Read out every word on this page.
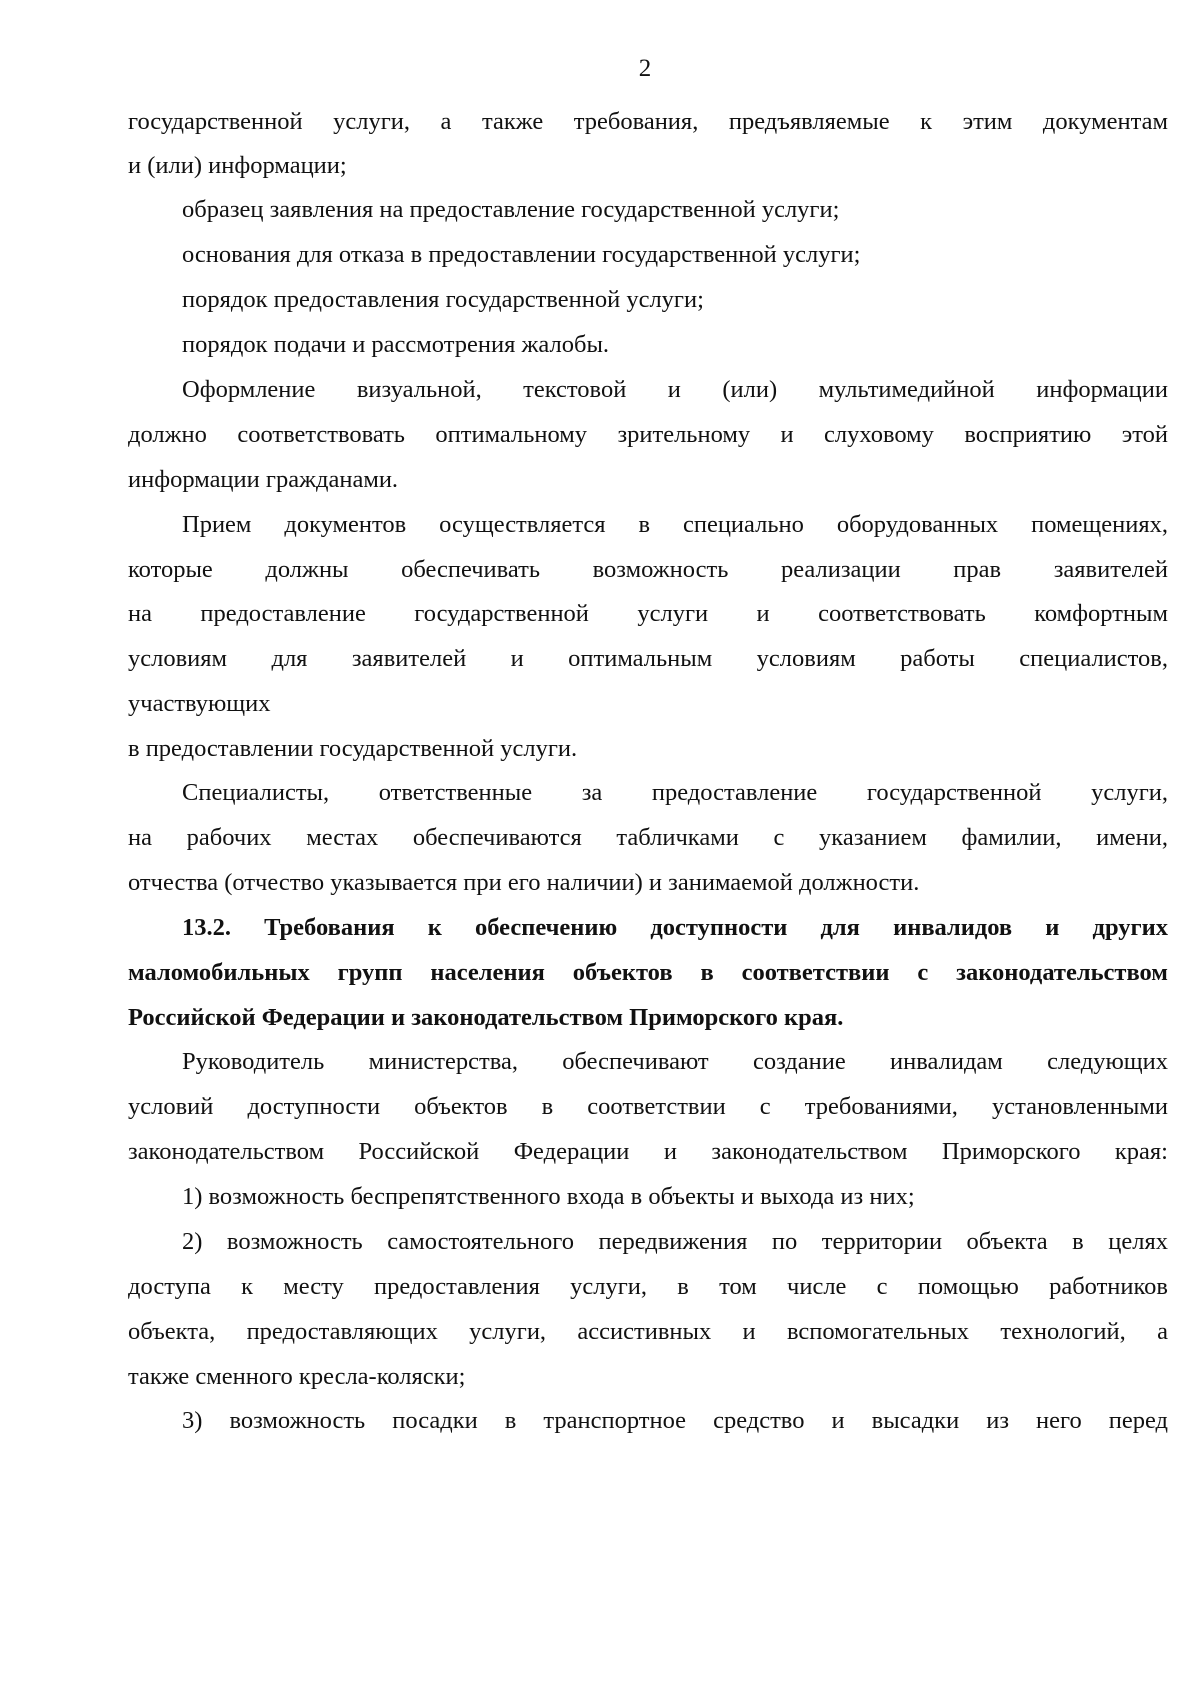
2
государственной услуги, а также требования, предъявляемые к этим документам
и (или) информации;
образец заявления на предоставление государственной услуги;
основания для отказа в предоставлении государственной услуги;
порядок предоставления государственной услуги;
порядок подачи и рассмотрения жалобы.
Оформление визуальной, текстовой и (или) мультимедийной информации
должно соответствовать оптимальному зрительному и слуховому восприятию этой
информации гражданами.
Прием документов осуществляется в специально оборудованных помещениях,
которые должны обеспечивать возможность реализации прав заявителей
на предоставление государственной услуги и соответствовать комфортным
условиям для заявителей и оптимальным условиям работы специалистов,
участвующих
в предоставлении государственной услуги.
Специалисты, ответственные за предоставление государственной услуги,
на рабочих местах обеспечиваются табличками с указанием фамилии, имени,
отчества (отчество указывается при его наличии) и занимаемой должности.
13.2. Требования к обеспечению доступности для инвалидов и других
маломобильных групп населения объектов в соответствии с законодательством
Российской Федерации и законодательством Приморского края.
Руководитель министерства, обеспечивают создание инвалидам следующих
условий доступности объектов в соответствии с требованиями, установленными
законодательством Российской Федерации и законодательством Приморского края:
1) возможность беспрепятственного входа в объекты и выхода из них;
2) возможность самостоятельного передвижения по территории объекта в целях
доступа к месту предоставления услуги, в том числе с помощью работников
объекта, предоставляющих услуги, ассистивных и вспомогательных технологий, а
также сменного кресла-коляски;
3) возможность посадки в транспортное средство и высадки из него перед
